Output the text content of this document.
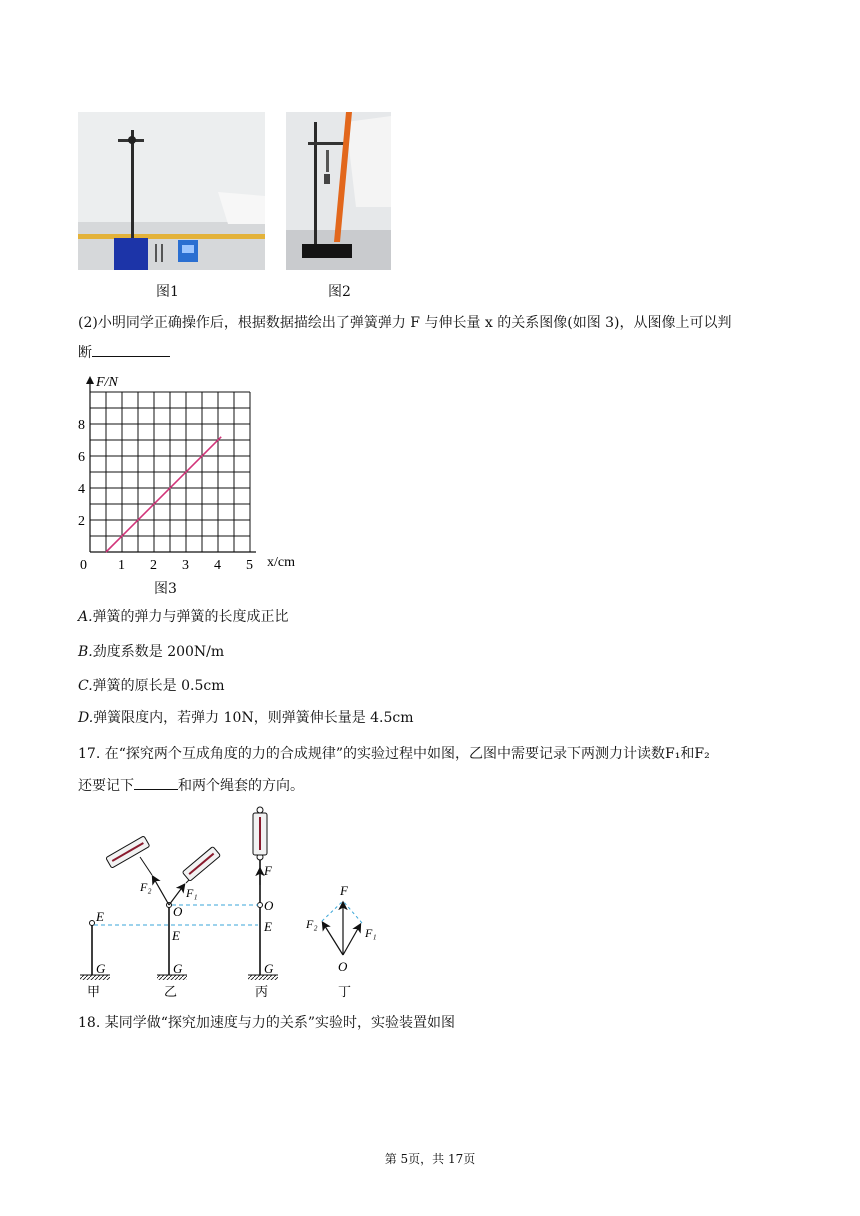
图1	图2
(2)小明同学正确操作后，根据数据描绘出了弹簧弹力 F 与伸长量 x 的关系图像(如图 3)，从图像上可以判
断
0 1 2 3 4 5
2
4
6
8
F/N
x/cm
图3
A.弹簧的弹力与弹簧的长度成正比
B.劲度系数是 200N/m
C.弹簧的原长是 0.5cm
D.弹簧限度内，若弹力 10N，则弹簧伸长量是 4.5cm
17. 在“探究两个互成角度的力的合成规律”的实验过程中如图，乙图中需要记录下两测力计读数F₁和F₂
还要记下	和两个绳套的方向。
E
G
甲
F₂	F₁
O
E
G
乙
F
O
E
G
丙
F
F₂
F₁
O
丁
18. 某同学做“探究加速度与力的关系”实验时，实验装置如图
第 5页，共 17页
